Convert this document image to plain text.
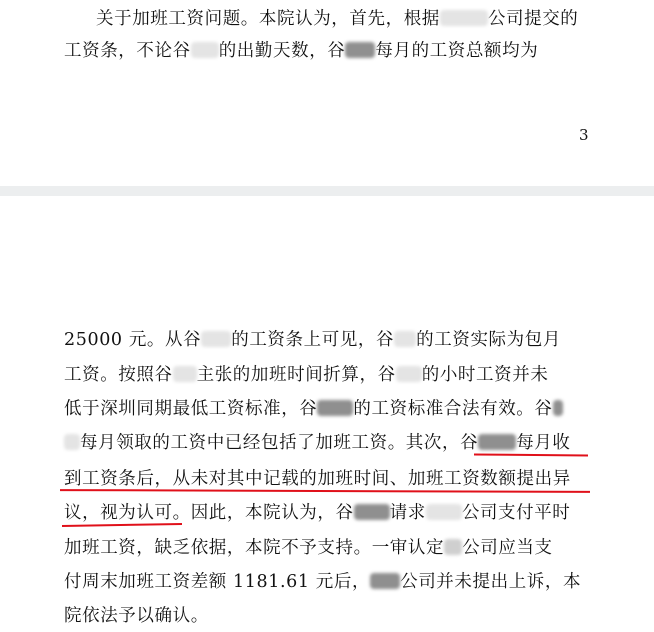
关于加班工资问题。本院认为，首先，根据	公司提交的
工资条，不论谷 的出勤天数，谷 每月的工资总额均为
3
25000 元。从谷 的工资条上可见，谷 的工资实际为包月
工资。按照谷 主张的加班时间折算，谷 的小时工资并未
低于深圳同期最低工资标准，谷 的工资标准合法有效。谷
每月领取的工资中已经包括了加班工资。其次，谷 每月收
到工资条后，从未对其中记载的加班时间、加班工资数额提出异
议，视为认可。因此，本院认为，谷 请求 公司支付平时
加班工资，缺乏依据，本院不予支持。一审认定 公司应当支
付周末加班工资差额 1181.61 元后， 公司并未提出上诉，本
院依法予以确认。
